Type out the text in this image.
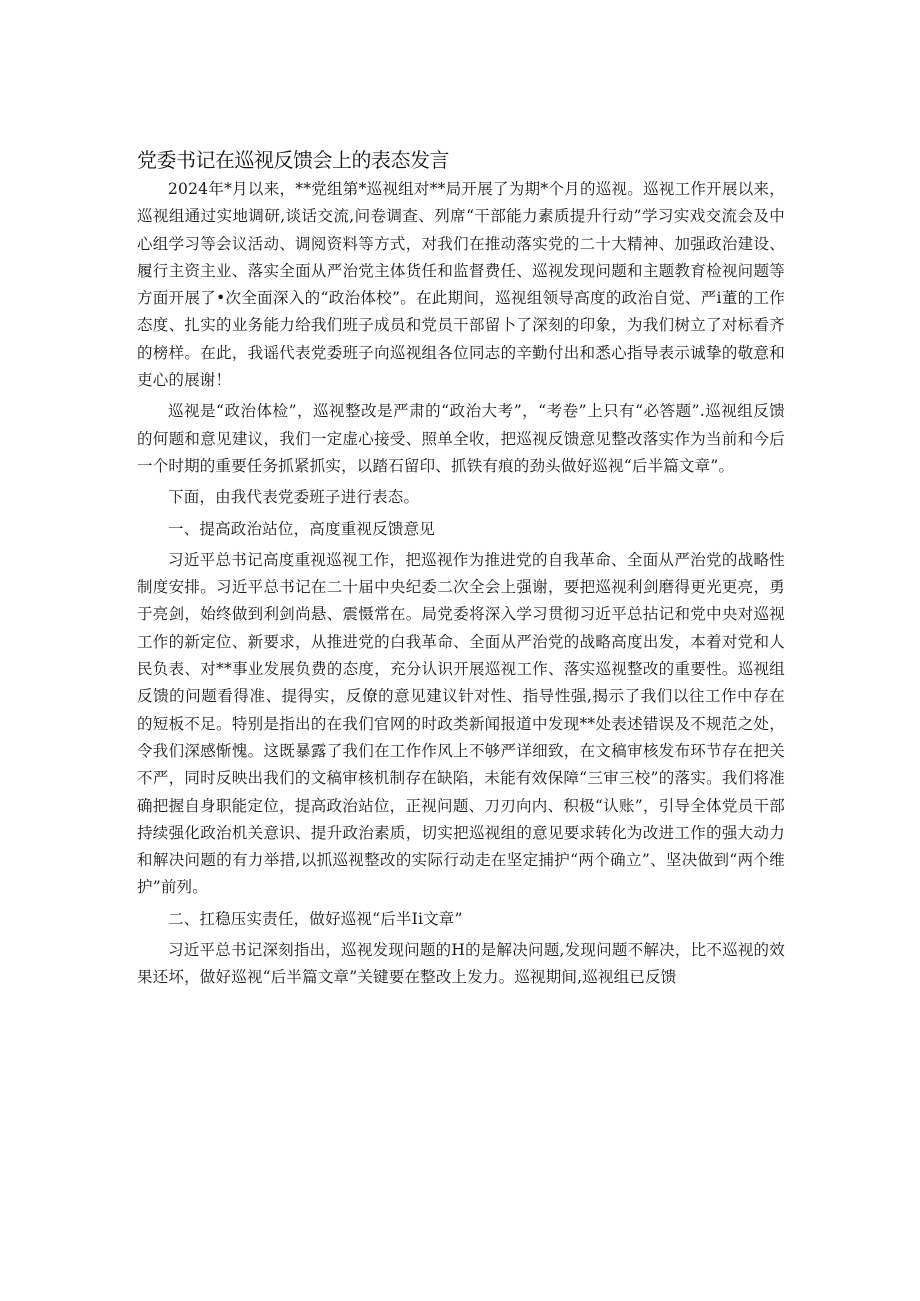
党委书记在巡视反馈会上的表态发言

2024年*月以来，**党组第*巡视组对**局开展了为期*个月的巡视。巡视工作开展以来，巡视组通过实地调研,谈话交流,问卷调查、列席“干部能力素质提升行动”学习实戏交流会及中心组学习等会议活动、调阅资料等方式，对我们在推动落实党的二十大精神、加强政治建设、履行主资主业、落实全面从严治党主体货任和监督费任、巡视发现问题和主题教育检视问题等方面开展了•次全面深入的“政治体校”。在此期间，巡视组领导高度的政治自觉、严i董的工作态度、扎实的业务能力给我们班子成员和党员干部留卜了深刻的印象，为我们树立了对标看齐的榜样。在此，我谣代表党委班子向巡视组各位同志的辛勤付出和悉心指导表示诚挚的敬意和吏心的展谢！

巡视是“政治体检”，巡视整改是严肃的“政治大考”，“考卷”上只有“必答题”.巡视组反馈的何题和意见建议，我们一定虚心接受、照单全收，把巡视反馈意见整改落实作为当前和今后一个时期的重要任务抓紧抓实，以踏石留印、抓铁有痕的劲头做好巡视“后半篇文章”。

下面，由我代表党委班子进行表态。

一、提高政治站位，高度重视反馈意见

习近平总书记高度重视巡视工作，把巡视作为推进党的自我革命、全面从严治党的战略性制度安排。习近平总书记在二十届中央纪委二次全会上强谢，要把巡视利剑磨得更光更亮，勇于亮剑，始终做到利剑尚悬、震慑常在。局党委将深入学习贯彻习近平总拈记和党中央对巡视工作的新定位、新要求，从推进党的白我革命、全面从严治党的战略高度出发，本着对党和人民负表、对**事业发展负费的态度，充分认识开展巡视工作、落实巡视整改的重要性。巡视组反馈的问题看得准、提得实，反僚的意见建议针对性、指导性强,揭示了我们以往工作中存在的短板不足。特别是指出的在我们官网的时政类新闻报道中发现**处表述错误及不规范之处，令我们深感惭愧。这既暴露了我们在工作作风上不够严详细致，在文稿审核发布环节存在把关不严，同时反映出我们的文稿审核机制存在缺陷，未能有效保障“三审三校”的落实。我们将准确把握自身职能定位，提高政治站位，正视问题、刀刃向内、积极“认账”，引导全体党员干部持续强化政治机关意识、提升政治素质，切实把巡视组的意见要求转化为改进工作的强大动力和解决问题的有力举措,以抓巡视整改的实际行动走在坚定捕护“两个确立”、坚决做到“两个维护”前列。

二、扛稳压实责任，做好巡视“后半Ii文章”

习近平总书记深刻指出，巡视发现问题的H的是解决问题,发现问题不解决，比不巡视的效果还坏，做好巡视“后半篇文章”关键要在整改上发力。巡视期间,巡视组已反馈
